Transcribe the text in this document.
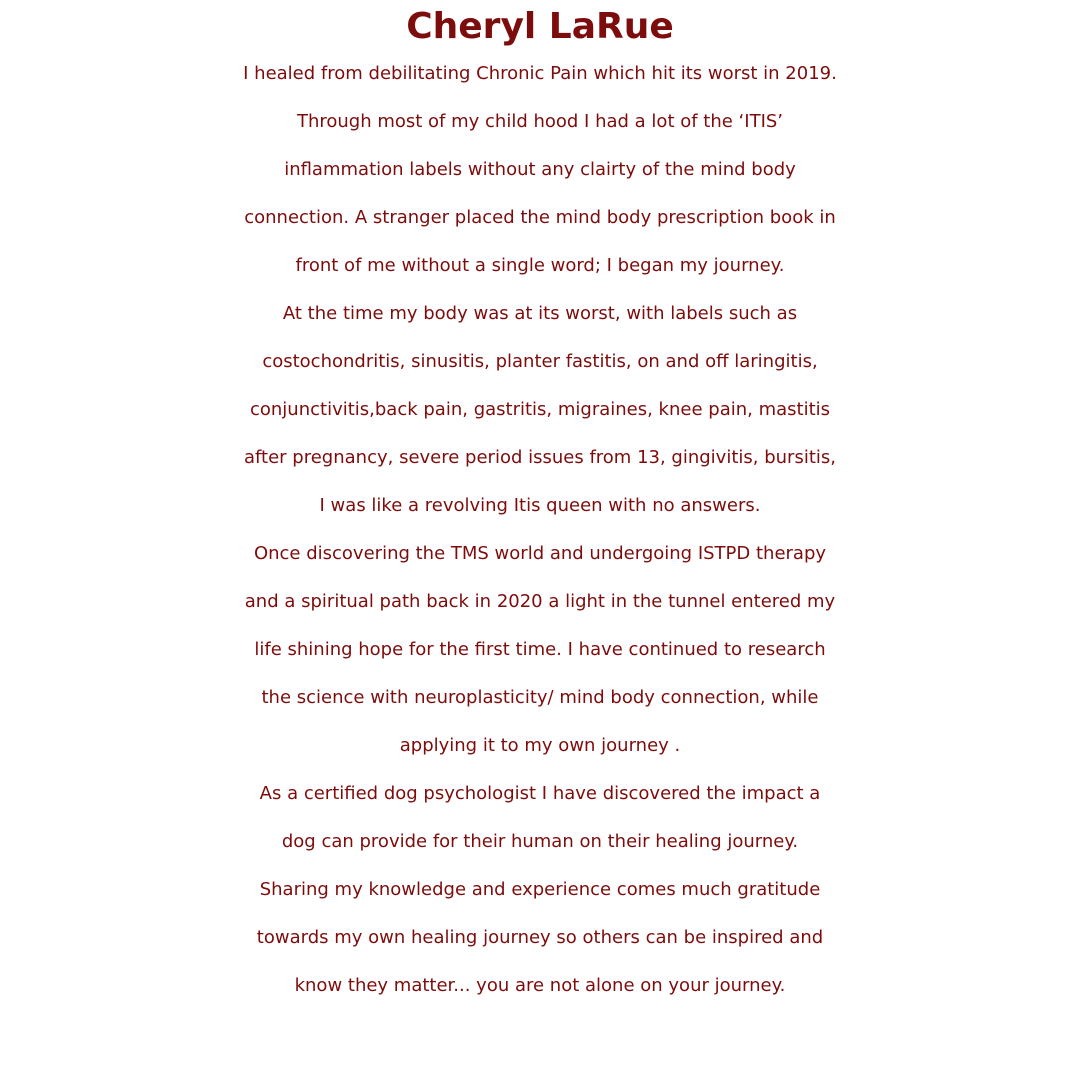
Cheryl LaRue
I healed from debilitating Chronic Pain which hit its worst in 2019.
Through most of my child hood I had a lot of the ‘ITIS’
inflammation labels without any clairty of the mind body
connection. A stranger placed the mind body prescription book in
front of me without a single word; I began my journey.
At the time my body was at its worst, with labels such as
costochondritis, sinusitis, planter fastitis, on and off laringitis,
conjunctivitis,back pain, gastritis, migraines, knee pain, mastitis
after pregnancy, severe period issues from 13, gingivitis, bursitis,
I was like a revolving Itis queen with no answers.
Once discovering the TMS world and undergoing ISTPD therapy
and a spiritual path back in 2020 a light in the tunnel entered my
life shining hope for the first time. I have continued to research
the science with neuroplasticity/ mind body connection, while
applying it to my own journey .
As a certified dog psychologist I have discovered the impact a
dog can provide for their human on their healing journey.
Sharing my knowledge and experience comes much gratitude
towards my own healing journey so others can be inspired and
know they matter... you are not alone on your journey.
